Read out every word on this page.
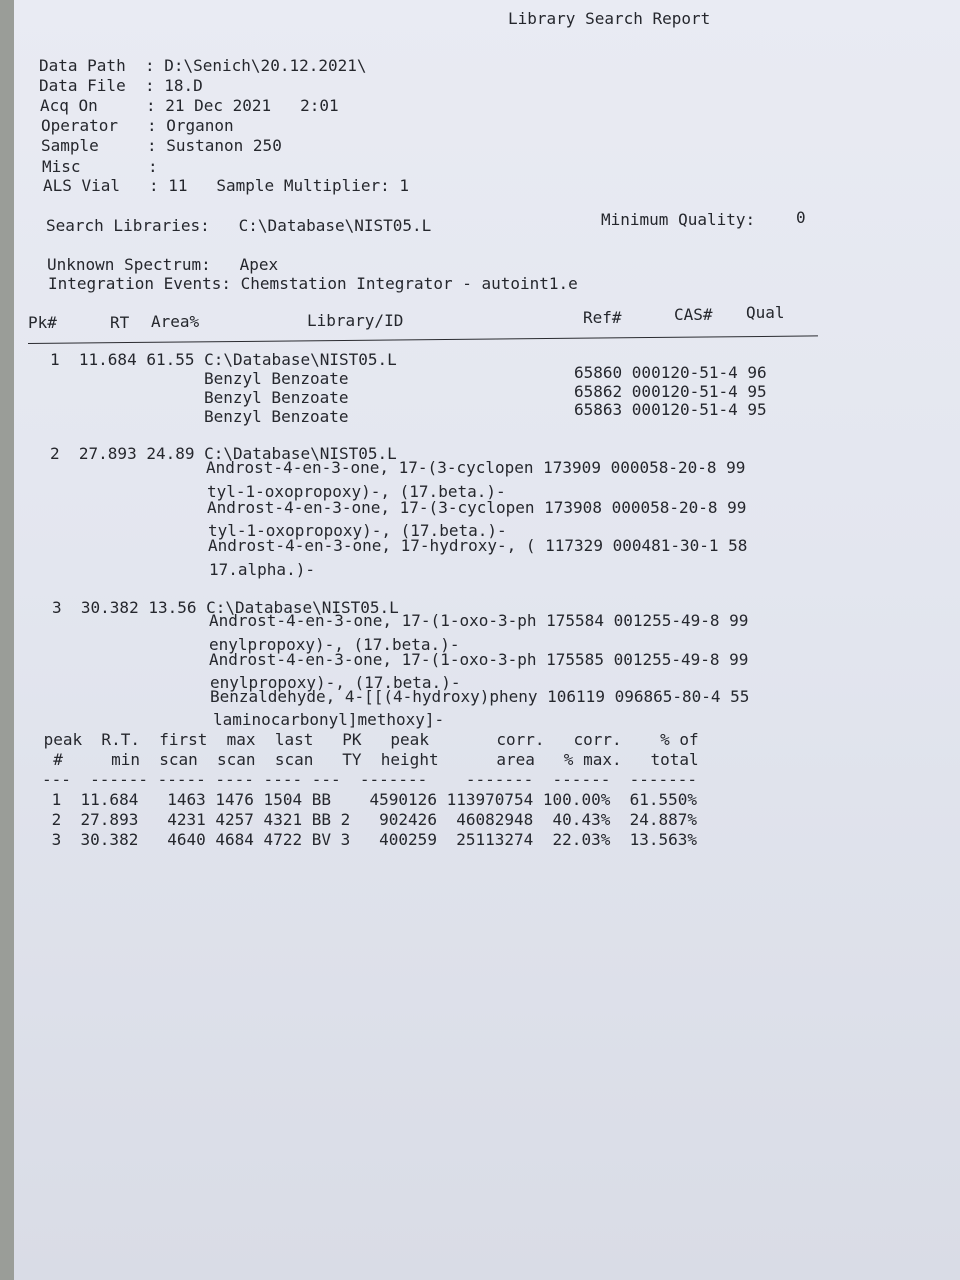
Library Search Report
Data Path  : D:\Senich\20.12.2021\
Data File  : 18.D
Acq On     : 21 Dec 2021   2:01
Operator   : Organon
Sample     : Sustanon 250
Misc       :
ALS Vial   : 11   Sample Multiplier: 1
Search Libraries:   C:\Database\NIST05.L	Minimum Quality:	0
Unknown Spectrum:   Apex
Integration Events: Chemstation Integrator - autoint1.e
Pk#	RT Area%	Library/ID	Ref#	CAS# Qual
1  11.684 61.55 C:\Database\NIST05.L
Benzyl Benzoate	65860 000120-51-4 96
Benzyl Benzoate	65862 000120-51-4 95
Benzyl Benzoate	65863 000120-51-4 95
2  27.893 24.89 C:\Database\NIST05.L
Androst-4-en-3-one, 17-(3-cyclopen 173909 000058-20-8 99
tyl-1-oxopropoxy)-, (17.beta.)-
Androst-4-en-3-one, 17-(3-cyclopen 173908 000058-20-8 99
tyl-1-oxopropoxy)-, (17.beta.)-
Androst-4-en-3-one, 17-hydroxy-, ( 117329 000481-30-1 58
17.alpha.)-
3  30.382 13.56 C:\Database\NIST05.L
Androst-4-en-3-one, 17-(1-oxo-3-ph 175584 001255-49-8 99
enylpropoxy)-, (17.beta.)-
Androst-4-en-3-one, 17-(1-oxo-3-ph 175585 001255-49-8 99
enylpropoxy)-, (17.beta.)-
Benzaldehyde, 4-[[(4-hydroxy)pheny 106119 096865-80-4 55
laminocarbonyl]methoxy]-
peak  R.T.  first  max  last   PK   peak       corr.   corr.    % of
#     min  scan  scan  scan   TY  height      area   % max.   total
---  ------ ----- ---- ---- ---  -------    -------  ------  -------
1  11.684   1463 1476 1504 BB    4590126 113970754 100.00%  61.550%
2  27.893   4231 4257 4321 BB 2   902426  46082948  40.43%  24.887%
3  30.382   4640 4684 4722 BV 3   400259  25113274  22.03%  13.563%
